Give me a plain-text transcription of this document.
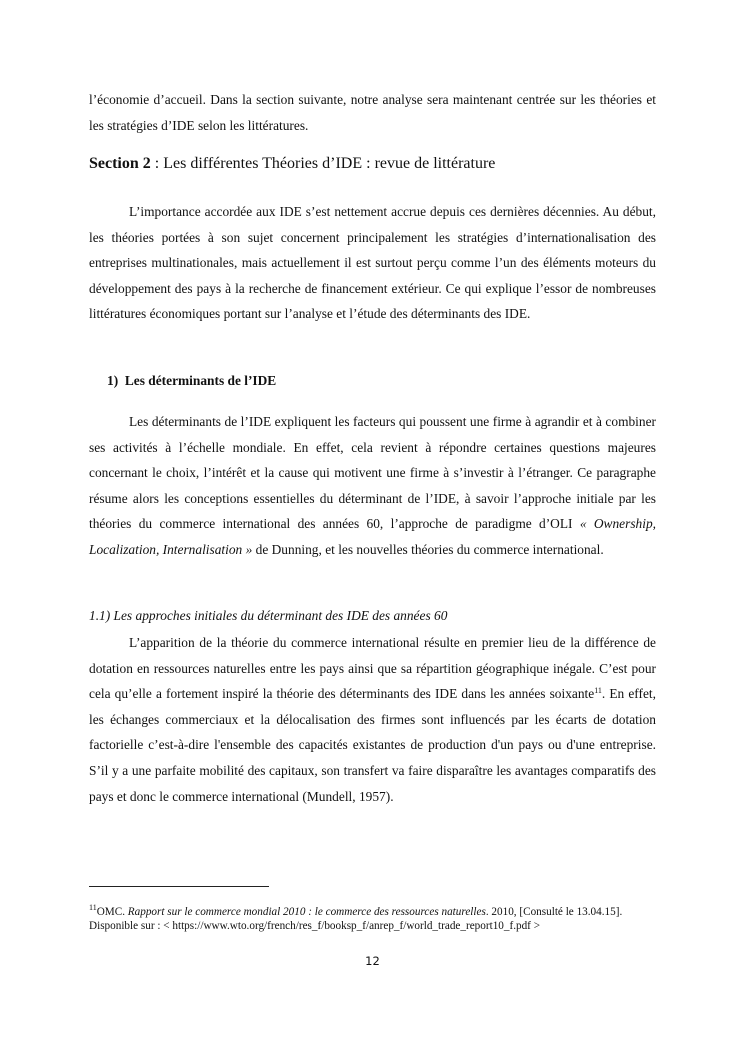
l’économie d’accueil. Dans la section suivante, notre analyse sera maintenant centrée sur les théories et les stratégies d’IDE selon les littératures.

Section 2 : Les différentes Théories d’IDE : revue de littérature

L’importance accordée aux IDE s’est nettement accrue depuis ces dernières décennies. Au début, les théories portées à son sujet concernent principalement les stratégies d’internationalisation des entreprises multinationales, mais actuellement il est surtout perçu comme l’un des éléments moteurs du développement des pays à la recherche de financement extérieur. Ce qui explique l’essor de nombreuses littératures économiques portant sur l’analyse et l’étude des déterminants des IDE.

1) Les déterminants de l’IDE

Les déterminants de l’IDE expliquent les facteurs qui poussent une firme à agrandir et à combiner ses activités à l’échelle mondiale. En effet, cela revient à répondre certaines questions majeures concernant le choix, l’intérêt et la cause qui motivent une firme à s’investir à l’étranger. Ce paragraphe résume alors les conceptions essentielles du déterminant de l’IDE, à savoir l’approche initiale par les théories du commerce international des années 60, l’approche de paradigme d’OLI « Ownership, Localization, Internalisation » de Dunning, et les nouvelles théories du commerce international.

1.1) Les approches initiales du déterminant des IDE des années 60

L’apparition de la théorie du commerce international résulte en premier lieu de la différence de dotation en ressources naturelles entre les pays ainsi que sa répartition géographique inégale. C’est pour cela qu’elle a fortement inspiré la théorie des déterminants des IDE dans les années soixante$^{11}$. En effet, les échanges commerciaux et la délocalisation des firmes sont influencés par les écarts de dotation factorielle c’est-à-dire l'ensemble des capacités existantes de production d'un pays ou d'une entreprise. S’il y a une parfaite mobilité des capitaux, son transfert va faire disparaître les avantages comparatifs des pays et donc le commerce international (Mundell, 1957).

$^{11}$OMC. Rapport sur le commerce mondial 2010 : le commerce des ressources naturelles. 2010, [Consulté le 13.04.15].

Disponible sur : < https://www.wto.org/french/res_f/booksp_f/anrep_f/world_trade_report10_f.pdf >

12
